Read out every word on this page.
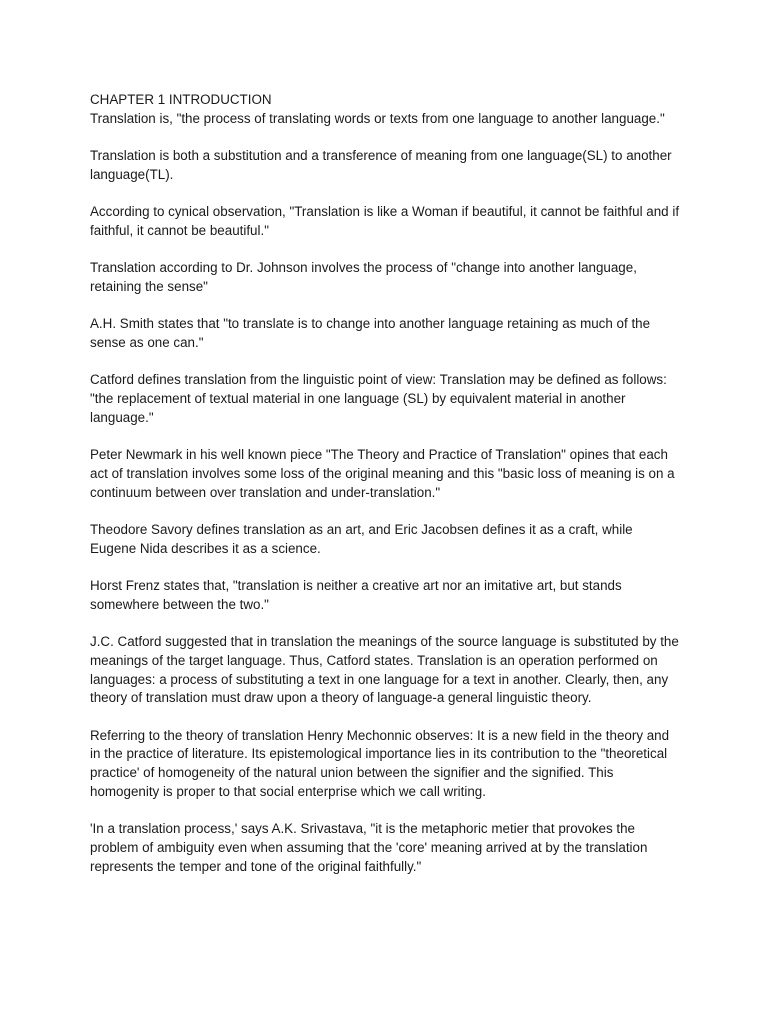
CHAPTER 1 INTRODUCTION

Translation is, "the process of translating words or texts from one language to another language."

Translation is both a substitution and a transference of meaning from one language(SL) to another language(TL).

According to cynical observation, "Translation is like a Woman if beautiful, it cannot be faithful and if faithful, it cannot be beautiful."

Translation according to Dr. Johnson involves the process of "change into another language, retaining the sense"

A.H. Smith states that "to translate is to change into another language retaining as much of the sense as one can."

Catford defines translation from the linguistic point of view: Translation may be defined as follows: "the replacement of textual material in one language (SL) by equivalent material in another language."

Peter Newmark in his well known piece "The Theory and Practice of Translation" opines that each act of translation involves some loss of the original meaning and this "basic loss of meaning is on a continuum between over translation and under-translation."

Theodore Savory defines translation as an art, and Eric Jacobsen defines it as a craft, while Eugene Nida describes it as a science.

Horst Frenz states that, "translation is neither a creative art nor an imitative art, but stands somewhere between the two."

J.C. Catford suggested that in translation the meanings of the source language is substituted by the meanings of the target language. Thus, Catford states. Translation is an operation performed on languages: a process of substituting a text in one language for a text in another. Clearly, then, any theory of translation must draw upon a theory of language-a general linguistic theory.

Referring to the theory of translation Henry Mechonnic observes: It is a new field in the theory and in the practice of literature. Its epistemological importance lies in its contribution to the "theoretical practice' of homogeneity of the natural union between the signifier and the signified. This homogenity is proper to that social enterprise which we call writing.

'In a translation process,' says A.K. Srivastava, "it is the metaphoric metier that provokes the problem of ambiguity even when assuming that the 'core' meaning arrived at by the translation represents the temper and tone of the original faithfully."
